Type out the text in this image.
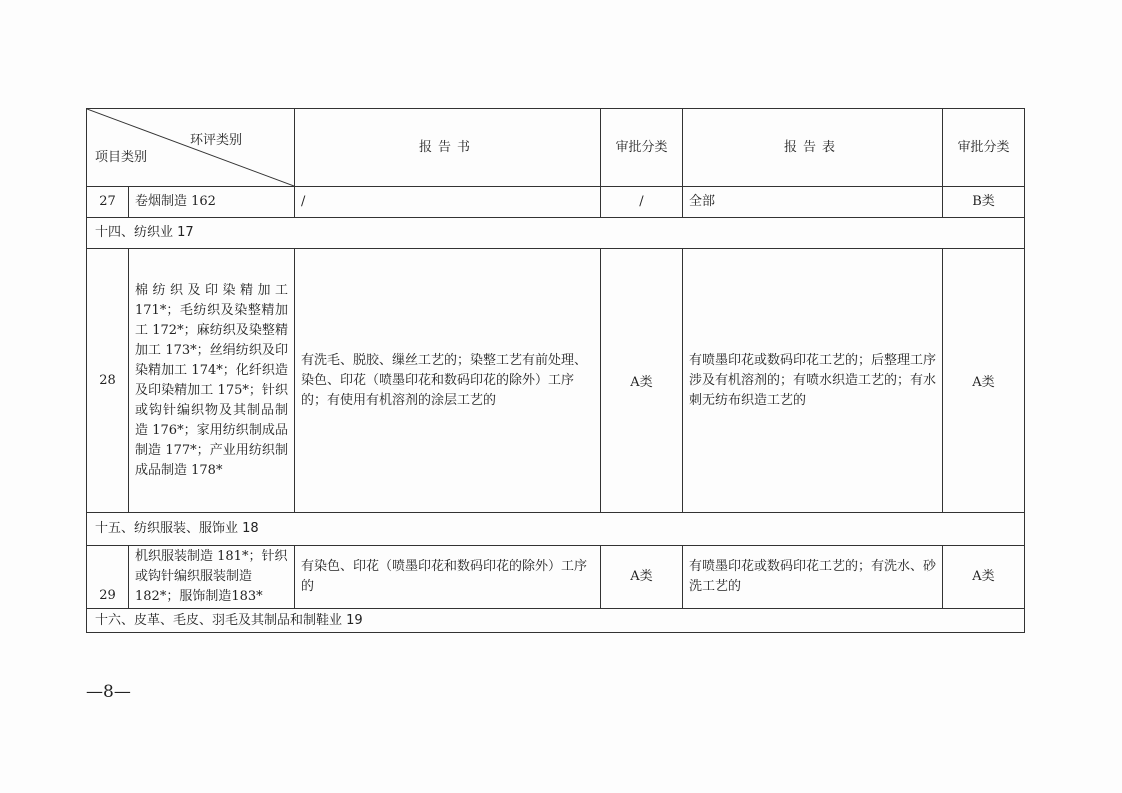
环评类别
项目类别		报告书	审批分类	报告表	审批分类
27	卷烟制造 162	/	/	全部	B类
十四、纺织业 17					
28	棉纺织及印染精加工 171*；毛纺织及染整精加工 172*；麻纺织及染整精加工 173*；丝绢纺织及印染精加工 174*；化纤织造及印染精加工 175*；针织或钩针编织物及其制品制造 176*；家用纺织制成品制造 177*；产业用纺织制成品制造 178*	有洗毛、脱胶、缫丝工艺的；染整工艺有前处理、染色、印花（喷墨印花和数码印花的除外）工序的；有使用有机溶剂的涂层工艺的	A类	有喷墨印花或数码印花工艺的；后整理工序涉及有机溶剂的；有喷水织造工艺的；有水刺无纺布织造工艺的	A类
十五、纺织服装、服饰业 18					
29	机织服装制造 181*；针织或钩针编织服装制造 182*；服饰制造183*	有染色、印花（喷墨印花和数码印花的除外）工序的	A类	有喷墨印花或数码印花工艺的；有洗水、砂洗工艺的	A类
十六、皮革、毛皮、羽毛及其制品和制鞋业 19					
—8—
